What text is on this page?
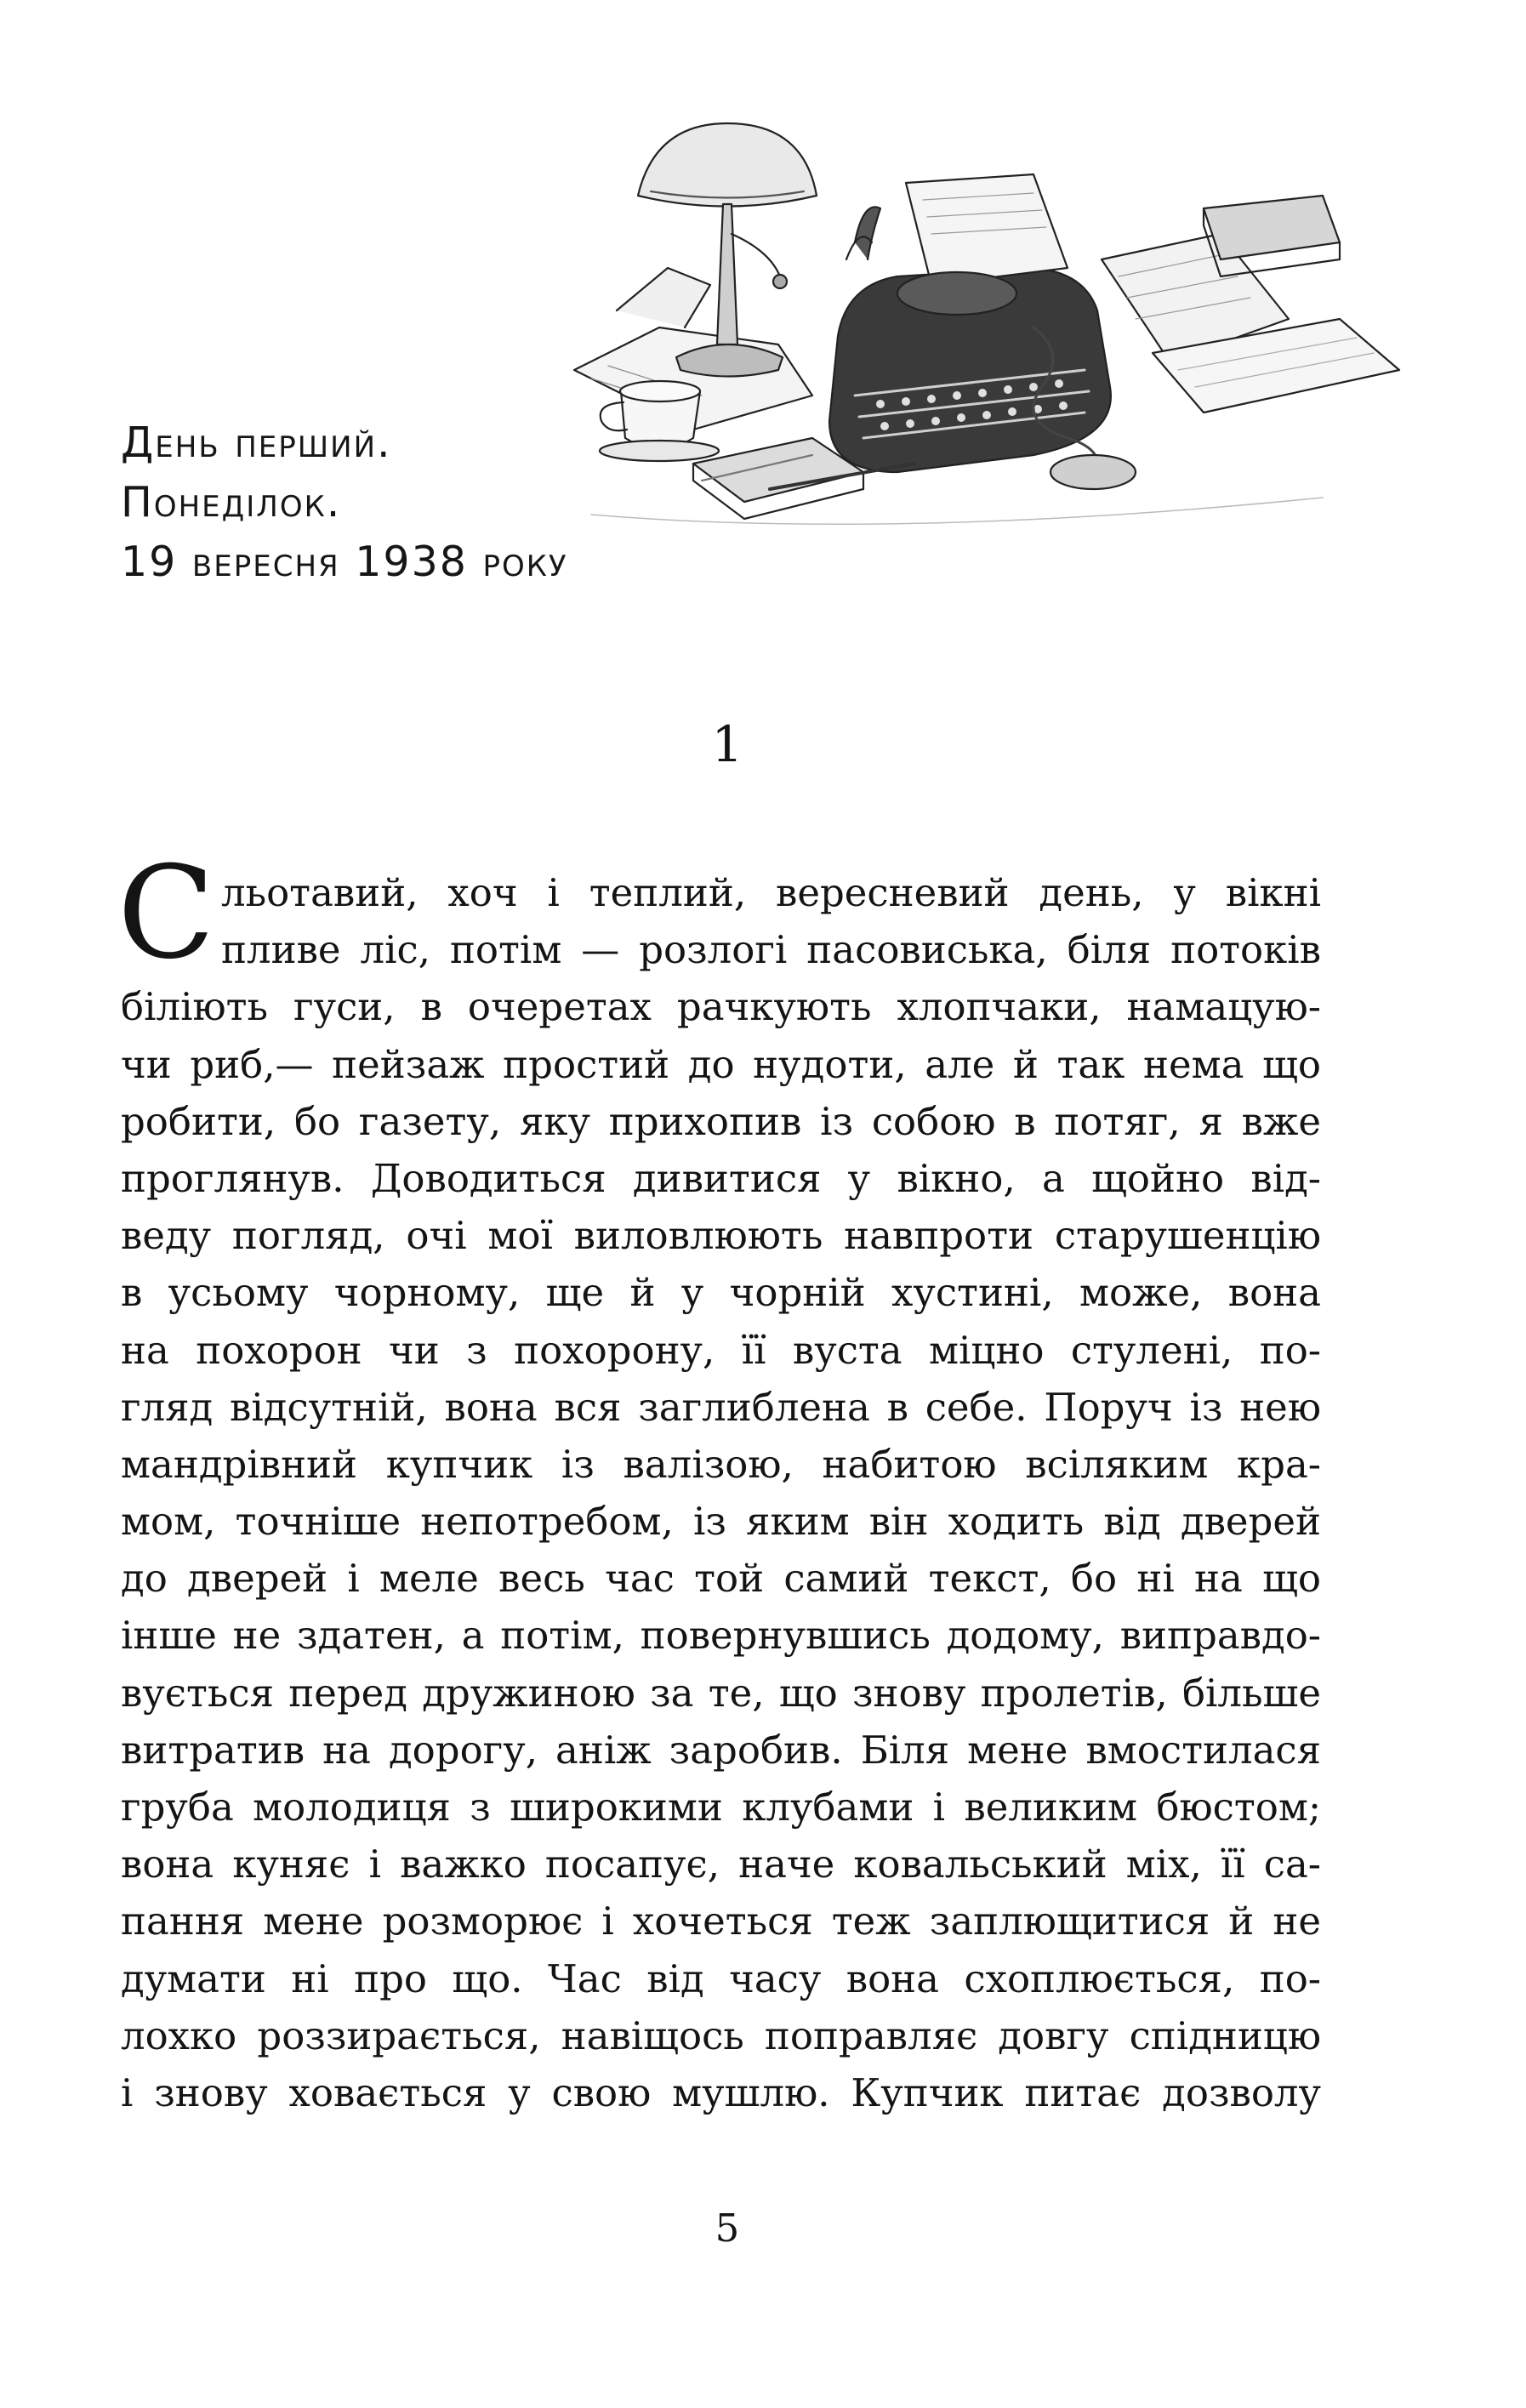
День перший.
Понеділок.
19 вересня 1938 року
1
С льотавий, хоч і теплий, вересневий день, у вікні
пливе ліс, потім — розлогі пасовиська, біля потоків
біліють гуси, в очеретах рачкують хлопчаки, намацую-
чи риб,— пейзаж простий до нудоти, але й так нема що
робити, бо газету, яку прихопив із собою в потяг, я вже
проглянув. Доводиться дивитися у вікно, а щойно від-
веду погляд, очі мої виловлюють навпроти старушенцію
в усьому чорному, ще й у чорній хустині, може, вона
на похорон чи з похорону, її вуста міцно стулені, по-
гляд відсутній, вона вся заглиблена в себе. Поруч із нею
мандрівний купчик із валізою, набитою всіляким кра-
мом, точніше непотребом, із яким він ходить від дверей
до дверей і меле весь час той самий текст, бо ні на що
інше не здатен, а потім, повернувшись додому, виправдо-
вується перед дружиною за те, що знову пролетів, більше
витратив на дорогу, аніж заробив. Біля мене вмостилася
груба молодиця з широкими клубами і великим бюстом;
вона куняє і важко посапує, наче ковальський міх, її са-
пання мене розморює і хочеться теж заплющитися й не
думати ні про що. Час від часу вона схоплюється, по-
лохко роззирається, навіщось поправляє довгу спідницю
і знову ховається у свою мушлю. Купчик питає дозволу
5
